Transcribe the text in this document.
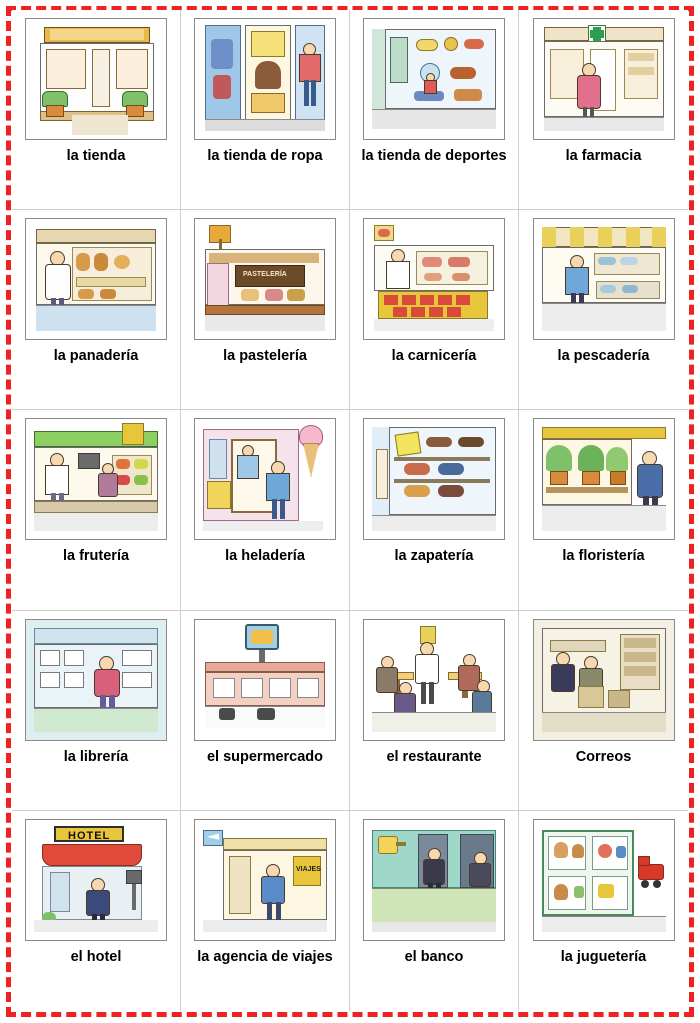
la tienda	la tienda de ropa	la tienda de deportes	la farmacia
la panadería
PASTELERÍA
la pastelería	la carnicería	la pescadería
la frutería	la heladería	la zapatería	la floristería
la librería	el supermercado	el restaurante	Correos
HOTEL
el hotel
VIAJES
la agencia de viajes	el banco	la juguetería
